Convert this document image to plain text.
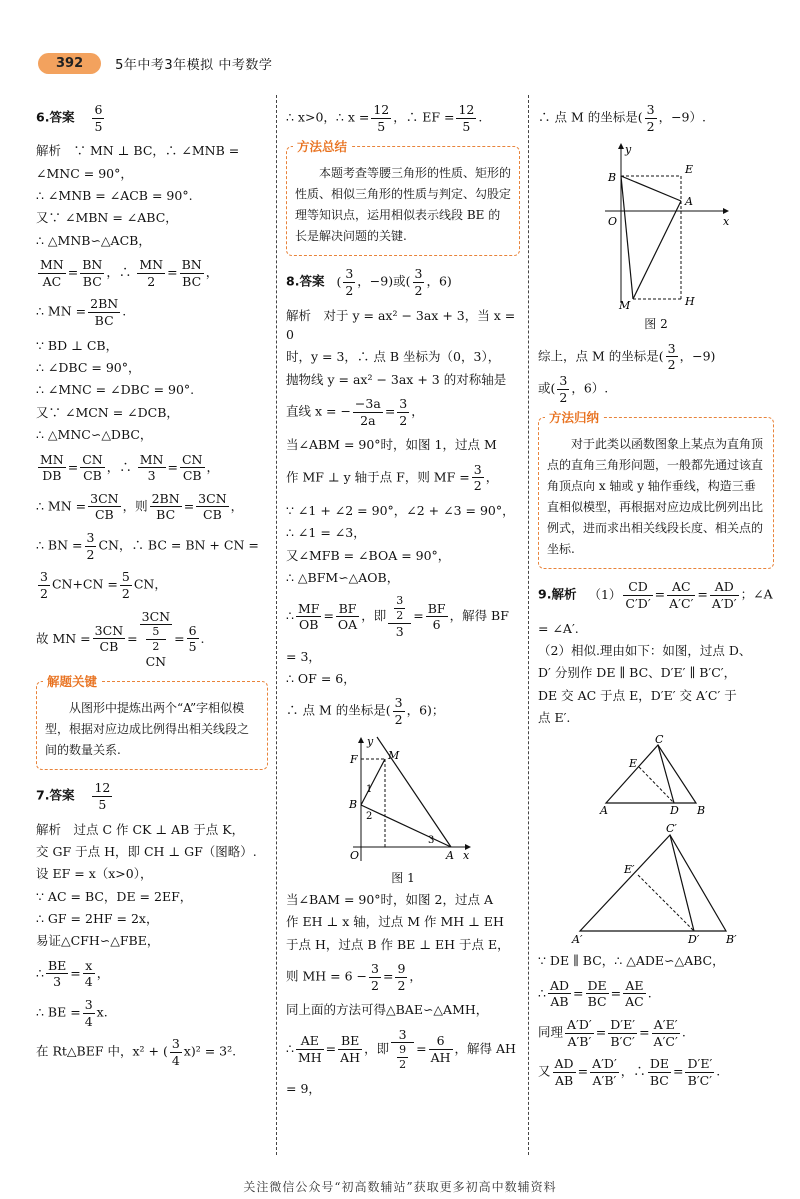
392	5年中考3年模拟 中考数学
6.答案 $\frac{6}{5}$
解析　∵ MN ⊥ BC，∴ ∠MNB =
∠MNC = 90°，
∴ ∠MNB = ∠ACB = 90°.
又∵ ∠MBN = ∠ABC，
∴ △MNB∽△ACB，
$\frac{MN}{AC} = \frac{BN}{BC}$ ，∴ $\frac{MN}{2} = \frac{BN}{BC}$ ，
∴ MN = $\frac{2BN}{BC}$ .
∵ BD ⊥ CB，
∴ ∠DBC = 90°，
∴ ∠MNC = ∠DBC = 90°.
又∵ ∠MCN = ∠DCB，
∴ △MNC∽△DBC，
$\frac{MN}{DB} = \frac{CN}{CB}$ ，∴ $\frac{MN}{3} = \frac{CN}{CB}$ ，
∴ MN = $\frac{3CN}{CB}$ ，则 $\frac{2BN}{BC} = \frac{3CN}{CB}$ ，
∴ BN = $\frac{3}{2}$ CN，∴ BC = BN + CN =
$\frac{3}{2} CN+CN = \frac{5}{2}$ CN，
故 MN = $\frac{3CN}{CB} = 3CN$
5
2
CN = $\frac{6}{5}$ .
解题关键
从图形中提炼出两个“A”字相似模型，根据对应边成比例得出相关线段之间的数量关系.
7.答案 $\frac{12}{5}$
解析　过点 C 作 CK ⊥ AB 于点 K，
交 GF 于点 H，即 CH ⊥ GF（图略）.
设 EF = x（x>0），
∵ AC = BC，DE = 2EF，
∴ GF = 2HF = 2x，
易证△CFH∽△FBE，
∴ $\frac{BE}{3} = \frac{x}{4}$ ，
∴ BE = $\frac{3}{4} x$.
在 Rt△BEF 中，x² + ( $\frac{3}{4} x)^2 = 3^2$.
∴ x>0，∴ $x = \frac{12}{5}$ ，∴ EF = $\frac{12}{5}$ .
方法总结
本题考查等腰三角形的性质、矩形的性质、相似三角形的性质与判定、勾股定理等知识点，运用相似表示线段 BE 的长是解决问题的关键.
8.答案 ( $\frac{3}{2}$ ，−9)或( $\frac{3}{2}$ ，6)
解析　对于 y = ax² − 3ax + 3，当 x = 0
时，y = 3，∴ 点 B 坐标为（0，3），
抛物线 y = ax² − 3ax + 3 的对称轴是
直线 x = − $\frac{-3a}{2a} = \frac{3}{2}$ ，
当∠ABM = 90°时，如图 1，过点 M
作 MF ⊥ y 轴于点 F，则 MF = $\frac{3}{2}$ ，
∵ ∠1 + ∠2 = 90°，∠2 + ∠3 = 90°，
∴ ∠1 = ∠3，
又∠MFB = ∠BOA = 90°，
∴ △BFM∽△AOB，
∴ $\frac{MF}{OB} = \frac{BF}{OA}$ ，即 3
2
$3 = \frac{BF}{6}$ ，解得 BF
= 3，
∴ OF = 6，
∴ 点 M 的坐标是( $\frac{3}{2}$ ，6)；
y
x
O	A
B
F	M
1
2
3
图 1
当∠BAM = 90°时，如图 2，过点 A
作 EH ⊥ x 轴，过点 M 作 MH ⊥ EH
于点 H，过点 B 作 BE ⊥ EH 于点 E，
则 MH = $6 - \frac{3}{2} = \frac{9}{2}$ ，
同上面的方法可得△BAE∽△AMH，
∴ $\frac{AE}{MH} = \frac{BE}{AH}$ ，即 3
9
$2 = \frac{6}{AH}$ ，解得 AH
= 9，
∴ 点 M 的坐标是( $\frac{3}{2}$ ，−9）.
y
x
O
A
B
E
M	H
图 2
综上，点 M 的坐标是( $\frac{3}{2}$ ，−9)
或( $\frac{3}{2}$ ，6）.
方法归纳
对于此类以函数图象上某点为直角顶点的直角三角形问题，一般都先通过该直角顶点向 x 轴或 y 轴作垂线，构造三垂直相似模型，再根据对应边成比例列出比例式，进而求出相关线段长度、相关点的坐标.
9.解析 $(1) \frac{CD}{C'D'} = \frac{AC}{A'C'} = \frac{AD}{A'D'}$ ；∠A
= ∠A′.
（2）相似.理由如下：如图，过点 D、
D′ 分别作 DE ∥ BC、D′E′ ∥ B′C′，
DE 交 AC 于点 E，D′E′ 交 A′C′ 于
点 E′.
A	B
C
D
E
A′	B′
C′
D′
E′
∵ DE ∥ BC，∴ △ADE∽△ABC，
∴ $\frac{AD}{AB} = \frac{DE}{BC} = \frac{AE}{AC}$ .
同理 $\frac{A'D'}{A'B'} = \frac{D'E'}{B'C'} = \frac{A'E'}{A'C'}$ .
又 $\frac{AD}{AB} = \frac{A'D'}{A'B'}$ ，∴ $\frac{DE}{BC} = \frac{D'E'}{B'C'}$ .
关注微信公众号“初高数辅站”获取更多初高中数辅资料
